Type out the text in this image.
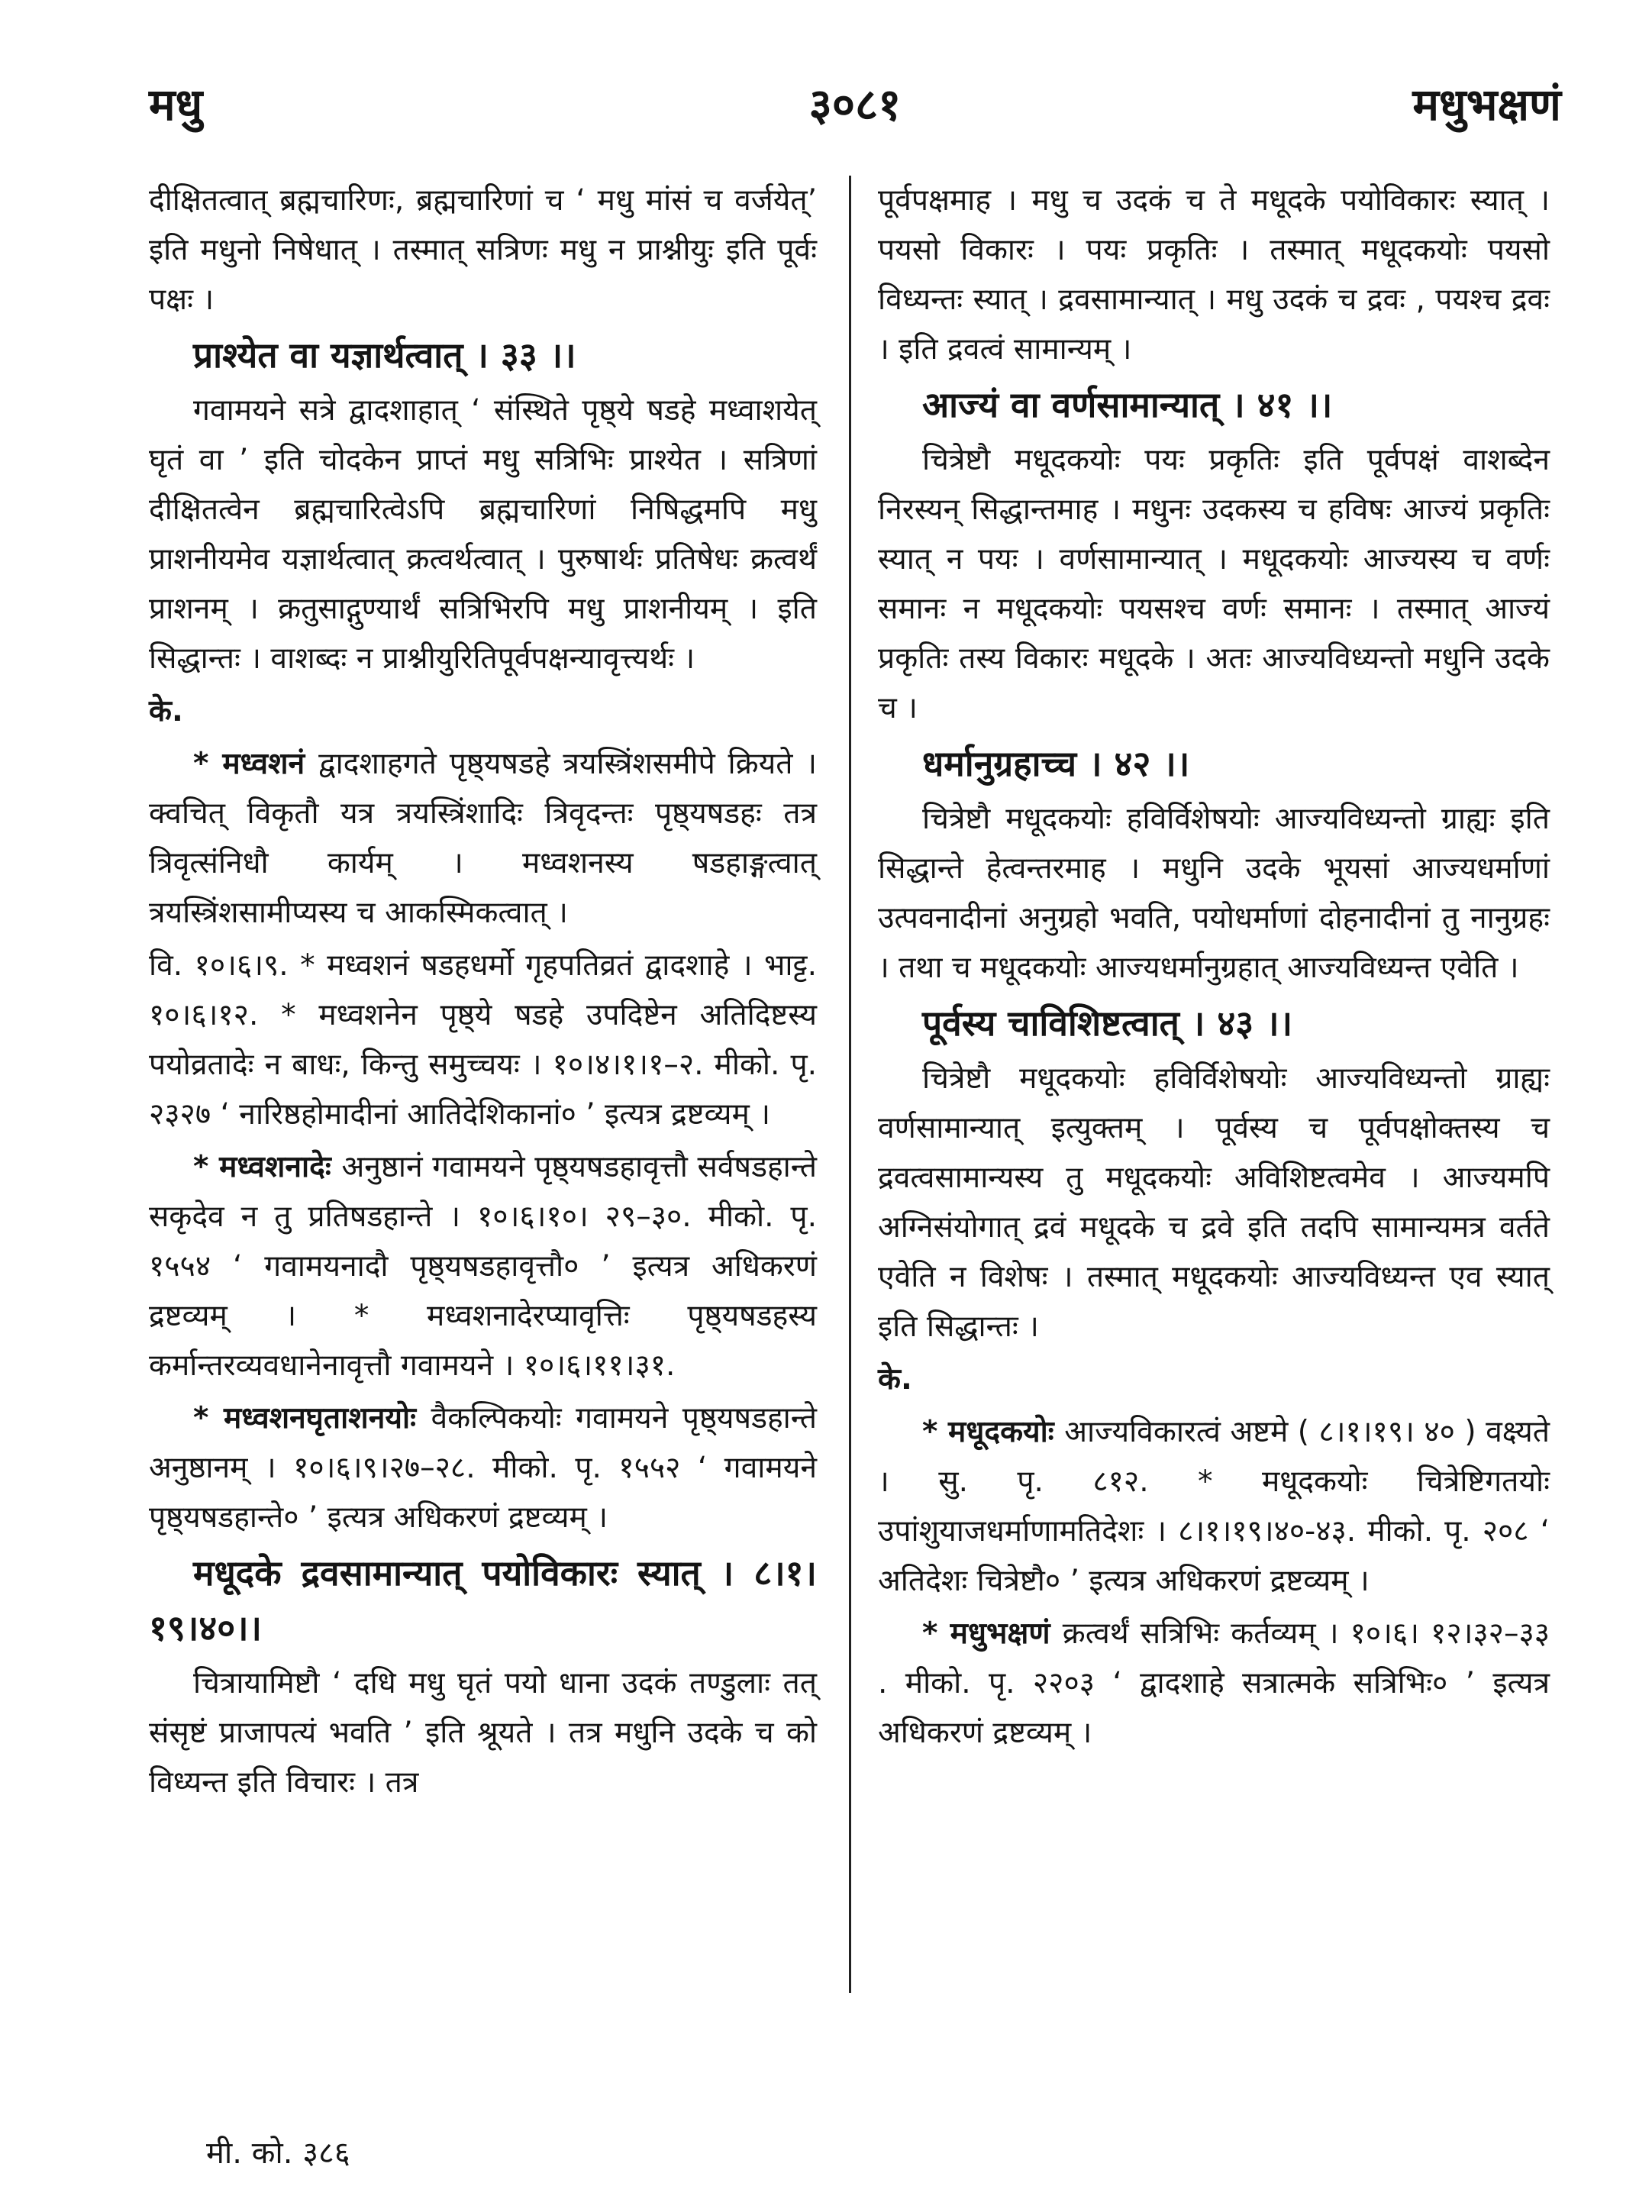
मधु	३०८१	मधुभक्षणं

दीक्षितत्वात् ब्रह्मचारिणः, ब्रह्मचारिणां च ‘ मधु मांसं च वर्जयेत्’ इति मधुनो निषेधात् । तस्मात् सत्रिणः मधु न प्राश्नीयुः इति पूर्वः पक्षः ।

प्राश्येत वा यज्ञार्थत्वात् । ३३ ।।

गवामयने सत्रे द्वादशाहात् ‘ संस्थिते पृष्ठ्ये षडहे मध्वाशयेत् घृतं वा ’ इति चोदकेन प्राप्तं मधु सत्रिभिः प्राश्येत । सत्रिणां दीक्षितत्वेन ब्रह्मचारित्वेऽपि ब्रह्मचारिणां निषिद्धमपि मधु प्राशनीयमेव यज्ञार्थत्वात् क्रत्वर्थत्वात् । पुरुषार्थः प्रतिषेधः क्रत्वर्थं प्राशनम् । क्रतुसाद्गुण्यार्थं सत्रिभिरपि मधु प्राशनीयम् । इति सिद्धान्तः । वाशब्दः न प्राश्नीयुरितिपूर्वपक्षन्यावृत्त्यर्थः ।

के.

* मध्वशनं द्वादशाहगते पृष्ठ्यषडहे त्रयस्त्रिंशसमीपे क्रियते । क्वचित् विकृतौ यत्र त्रयस्त्रिंशादिः त्रिवृदन्तः पृष्ठ्यषडहः तत्र त्रिवृत्संनिधौ कार्यम् । मध्वशनस्य षडहाङ्गत्वात् त्रयस्त्रिंशसामीप्यस्य च आकस्मिकत्वात् ।

वि. १०।६।९. * मध्वशनं षडहधर्मो गृहपतिव्रतं द्वादशाहे । भाट्ट. १०।६।१२. * मध्वशनेन पृष्ठ्ये षडहे उपदिष्टेन अतिदिष्टस्य पयोव्रतादेः न बाधः, किन्तु समुच्चयः । १०।४।१।१–२. मीको. पृ. २३२७ ‘ नारिष्ठहोमादीनां आतिदेशिकानां० ’ इत्यत्र द्रष्टव्यम् ।

* मध्वशनादेः अनुष्ठानं गवामयने पृष्ठ्यषडहावृत्तौ सर्वषडहान्ते सकृदेव न तु प्रतिषडहान्ते । १०।६।१०। २९–३०. मीको. पृ. १५५४ ‘ गवामयनादौ पृष्ठ्यषडहावृत्तौ० ’ इत्यत्र अधिकरणं द्रष्टव्यम् । * मध्वशनादेरप्यावृत्तिः पृष्ठ्यषडहस्य कर्मान्तरव्यवधानेनावृत्तौ गवामयने । १०।६।११।३१.

* मध्वशनघृताशनयोः वैकल्पिकयोः गवामयने पृष्ठ्यषडहान्ते अनुष्ठानम् । १०।६।९।२७–२८. मीको. पृ. १५५२ ‘ गवामयने पृष्ठ्यषडहान्ते० ’ इत्यत्र अधिकरणं द्रष्टव्यम् ।

मधूदके द्रवसामान्यात् पयोविकारः स्यात् । ८।१।१९।४०।।

चित्रायामिष्टौ ‘ दधि मधु घृतं पयो धाना उदकं तण्डुलाः तत् संसृष्टं प्राजापत्यं भवति ’ इति श्रूयते । तत्र मधुनि उदके च को विध्यन्त इति विचारः । तत्र

पूर्वपक्षमाह । मधु च उदकं च ते मधूदके पयोविकारः स्यात् । पयसो विकारः । पयः प्रकृतिः । तस्मात् मधूदकयोः पयसो विध्यन्तः स्यात् । द्रवसामान्यात् । मधु उदकं च द्रवः , पयश्च द्रवः । इति द्रवत्वं सामान्यम् ।

आज्यं वा वर्णसामान्यात् । ४१ ।।

चित्रेष्टौ मधूदकयोः पयः प्रकृतिः इति पूर्वपक्षं वाशब्देन निरस्यन् सिद्धान्तमाह । मधुनः उदकस्य च हविषः आज्यं प्रकृतिः स्यात् न पयः । वर्णसामान्यात् । मधूदकयोः आज्यस्य च वर्णः समानः न मधूदकयोः पयसश्च वर्णः समानः । तस्मात् आज्यं प्रकृतिः तस्य विकारः मधूदके । अतः आज्यविध्यन्तो मधुनि उदके च ।

धर्मानुग्रहाच्च । ४२ ।।

चित्रेष्टौ मधूदकयोः हविर्विशेषयोः आज्यविध्यन्तो ग्राह्यः इति सिद्धान्ते हेत्वन्तरमाह । मधुनि उदके भूयसां आज्यधर्माणां उत्पवनादीनां अनुग्रहो भवति, पयोधर्माणां दोहनादीनां तु नानुग्रहः । तथा च मधूदकयोः आज्यधर्मानुग्रहात् आज्यविध्यन्त एवेति ।

पूर्वस्य चाविशिष्टत्वात् । ४३ ।।

चित्रेष्टौ मधूदकयोः हविर्विशेषयोः आज्यविध्यन्तो ग्राह्यः वर्णसामान्यात् इत्युक्तम् । पूर्वस्य च पूर्वपक्षोक्तस्य च द्रवत्वसामान्यस्य तु मधूदकयोः अविशिष्टत्वमेव । आज्यमपि अग्निसंयोगात् द्रवं मधूदके च द्रवे इति तदपि सामान्यमत्र वर्तते एवेति न विशेषः । तस्मात् मधूदकयोः आज्यविध्यन्त एव स्यात् इति सिद्धान्तः ।

के.

* मधूदकयोः आज्यविकारत्वं अष्टमे ( ८।१।१९। ४० ) वक्ष्यते । सु. पृ. ८१२. * मधूदकयोः चित्रेष्टिगतयोः उपांशुयाजधर्माणामतिदेशः । ८।१।१९।४०-४३. मीको. पृ. २०८ ‘ अतिदेशः चित्रेष्टौ० ’ इत्यत्र अधिकरणं द्रष्टव्यम् ।

* मधुभक्षणं क्रत्वर्थं सत्रिभिः कर्तव्यम् । १०।६। १२।३२–३३ . मीको. पृ. २२०३ ‘ द्वादशाहे सत्रात्मके सत्रिभिः० ’ इत्यत्र अधिकरणं द्रष्टव्यम् ।

मी. को. ३८६
